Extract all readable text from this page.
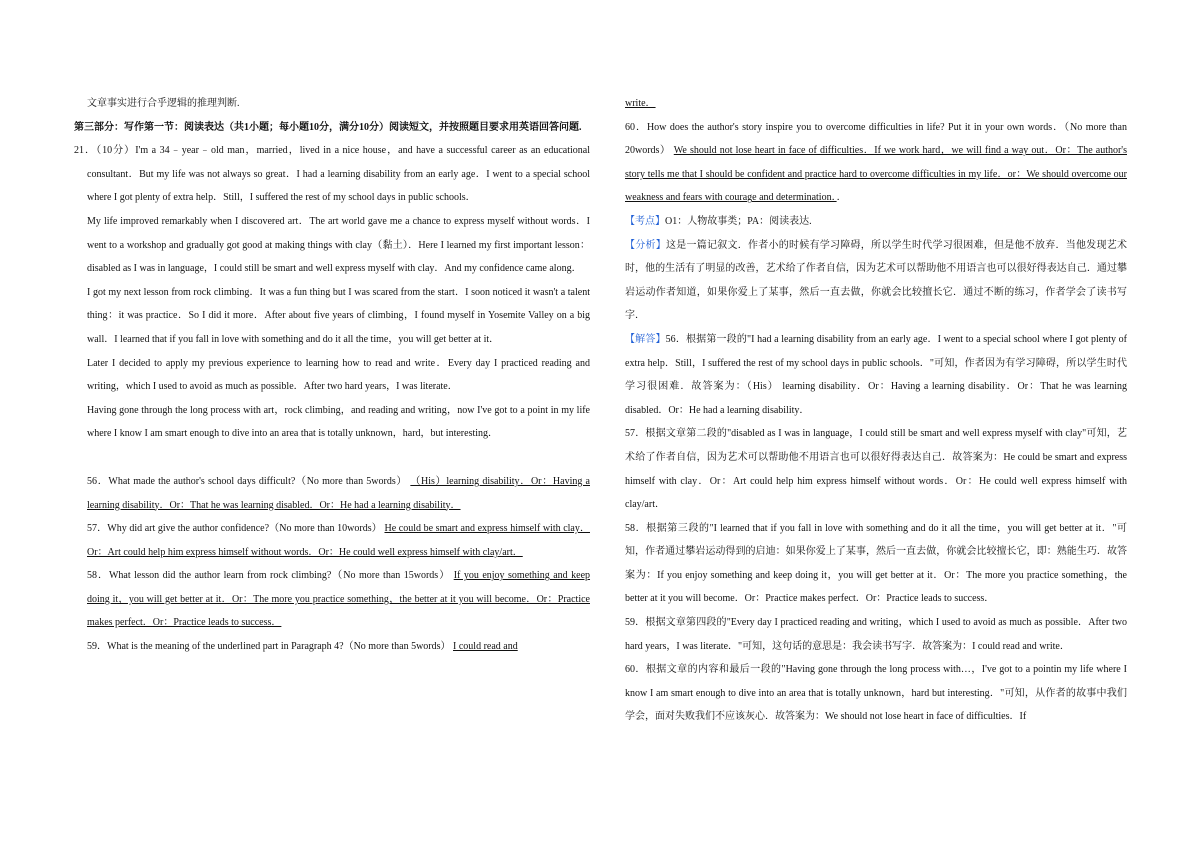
文章事实进行合乎逻辑的推理判断.

第三部分：写作第一节：阅读表达（共1小题；每小题10分，满分10分）阅读短文，并按照题目要求用英语回答问题.

21．（10分）I'm a 34﹣year﹣old man，married，lived in a nice house，and have a successful career as an educational consultant．But my life was not always so great．I had a learning disability from an early age．I went to a special school where I got plenty of extra help．Still，I suffered the rest of my school days in public schools．

My life improved remarkably when I discovered art．The art world gave me a chance to express myself without words．I went to a workshop and gradually got good at making things with clay（黏土）．Here I learned my first important lesson：disabled as I was in language，I could still be smart and well express myself with clay．And my confidence came along．

I got my next lesson from rock climbing．It was a fun thing but I was scared from the start．I soon noticed it wasn't a talent thing：it was practice．So I did it more．After about five years of climbing，I found myself in Yosemite Valley on a big wall．I learned that if you fall in love with something and do it all the time，you will get better at it．

Later I decided to apply my previous experience to learning how to read and write．Every day I practiced reading and writing，which I used to avoid as much as possible．After two hard years，I was literate．

Having gone through the long process with art，rock climbing，and reading and writing，now I've got to a point in my life where I know I am smart enough to dive into an area that is totally unknown，hard，but interesting．

56．What made the author's school days difficult?（No more than 5words） （His）learning disability．Or：Having a learning disability．Or：That he was learning disabled．Or：He had a learning disability．

57．Why did art give the author confidence?（No more than 10words） He could be smart and express himself with clay．Or：Art could help him express himself without words．Or：He could well express himself with clay/art．

58．What lesson did the author learn from rock climbing?（No more than 15words） If you enjoy something and keep doing it，you will get better at it．Or：The more you practice something，the better at it you will become．Or：Practice makes perfect．Or：Practice leads to success．

59．What is the meaning of the underlined part in Paragraph 4?（No more than 5words） I could read and

write．

60．How does the author's story inspire you to overcome difficulties in life? Put it in your own words．（No more than 20words） We should not lose heart in face of difficulties．If we work hard，we will find a way out．Or：The author's story tells me that I should be confident and practice hard to overcome difficulties in my life．or：We should overcome our weakness and fears with courage and determination．．

【考点】O1：人物故事类；PA：阅读表达.

【分析】这是一篇记叙文．作者小的时候有学习障碍，所以学生时代学习很困难，但是他不放弃．当他发现艺术时，他的生活有了明显的改善，艺术给了作者自信，因为艺术可以帮助他不用语言也可以很好得表达自己．通过攀岩运动作者知道，如果你爱上了某事，然后一直去做，你就会比较擅长它．通过不断的练习，作者学会了读书写字．

【解答】56．根据第一段的"I had a learning disability from an early age．I went to a special school where I got plenty of extra help．Still，I suffered the rest of my school days in public schools．"可知，作者因为有学习障碍，所以学生时代学习很困难．故答案为：（His） learning disability．Or：Having a learning disability．Or：That he was learning disabled．Or：He had a learning disability．

57．根据文章第二段的"disabled as I was in language，I could still be smart and well express myself with clay"可知，艺术给了作者自信，因为艺术可以帮助他不用语言也可以很好得表达自己．故答案为：He could be smart and express himself with clay．Or：Art could help him express himself without words．Or：He could well express himself with clay/art．

58．根据第三段的"I learned that if you fall in love with something and do it all the time，you will get better at it．"可知，作者通过攀岩运动得到的启迪：如果你爱上了某事，然后一直去做，你就会比较擅长它，即：熟能生巧．故答案为：If you enjoy something and keep doing it，you will get better at it．Or：The more you practice something，the better at it you will become．Or：Practice makes perfect．Or：Practice leads to success．

59．根据文章第四段的"Every day I practiced reading and writing，which I used to avoid as much as possible．After two hard years，I was literate．"可知，这句话的意思是：我会读书写字．故答案为：I could read and write．

60．根据文章的内容和最后一段的"Having gone through the long process with…，I've got to a pointin my life where I know I am smart enough to dive into an area that is totally unknown，hard but interesting．"可知，从作者的故事中我们学会，面对失败我们不应该灰心．故答案为：We should not lose heart in face of difficulties．If
